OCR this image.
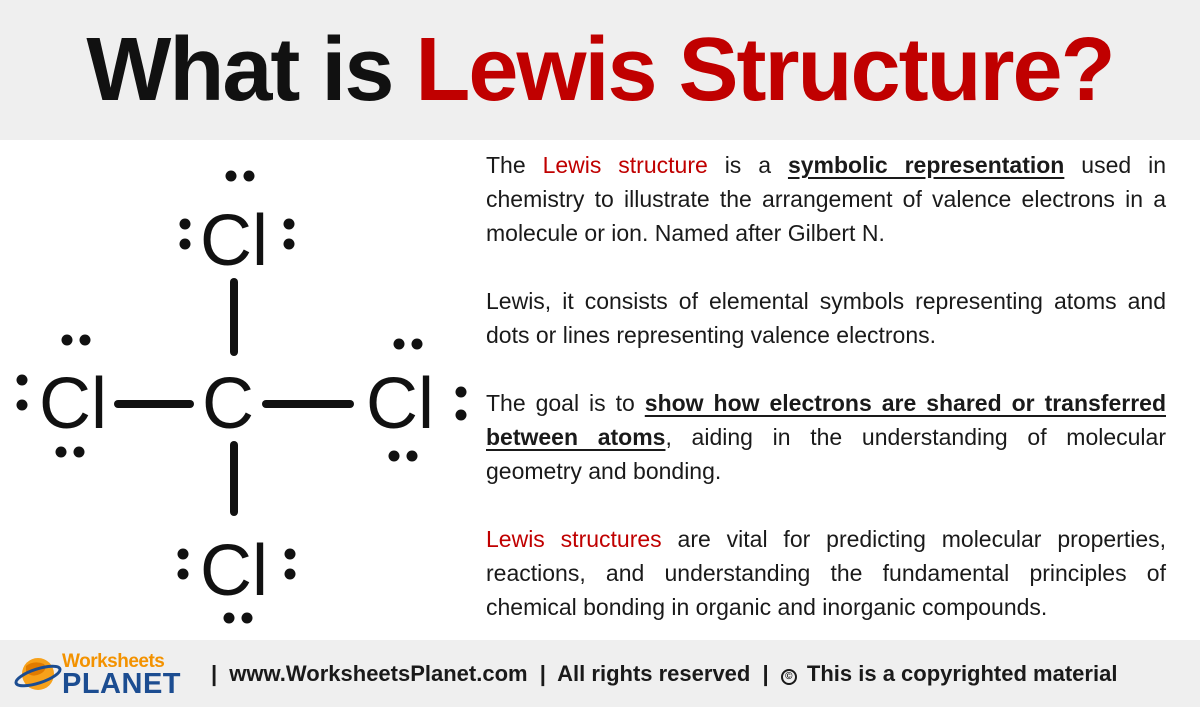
What is Lewis Structure?
Cl
Cl C Cl
Cl

The Lewis structure is a symbolic representation used in chemistry to illustrate the arrangement of valence electrons in a molecule or ion. Named after Gilbert N.

Lewis, it consists of elemental symbols representing atoms and dots or lines representing valence electrons.

The goal is to show how electrons are shared or transferred between atoms, aiding in the understanding of molecular geometry and bonding.

Lewis structures are vital for predicting molecular properties, reactions, and understanding the fundamental principles of chemical bonding in organic and inorganic compounds.

Worksheets
PLANET | www.WorksheetsPlanet.com | All rights reserved | © This is a copyrighted material
